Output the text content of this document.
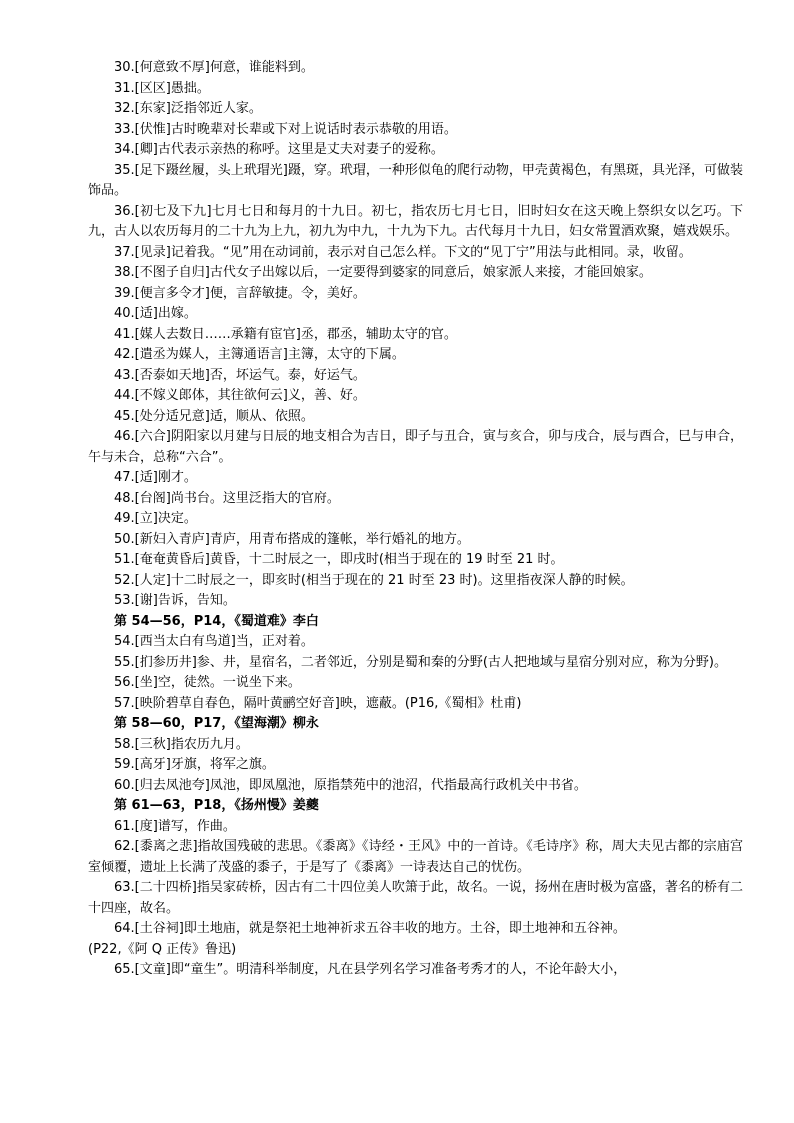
30.[何意致不厚]何意，谁能料到。

31.[区区]愚拙。

32.[东家]泛指邻近人家。

33.[伏惟]古时晚辈对长辈或下对上说话时表示恭敬的用语。

34.[卿]古代表示亲热的称呼。这里是丈夫对妻子的爱称。

35.[足下蹑丝履，头上玳瑁光]蹑，穿。玳瑁，一种形似龟的爬行动物，甲壳黄褐色，有黑斑，具光泽，可做装饰品。

36.[初七及下九]七月七日和每月的十九日。初七，指农历七月七日，旧时妇女在这天晚上祭织女以乞巧。下九，古人以农历每月的二十九为上九，初九为中九，十九为下九。古代每月十九日，妇女常置酒欢聚，嬉戏娱乐。

37.[见录]记着我。“见”用在动词前，表示对自己怎么样。下文的“见丁宁”用法与此相同。录，收留。

38.[不图子自归]古代女子出嫁以后，一定要得到婆家的同意后，娘家派人来接，才能回娘家。

39.[便言多令才]便，言辞敏捷。令，美好。

40.[适]出嫁。

41.[媒人去数日……承籍有宦官]丞，郡丞，辅助太守的官。

42.[遣丞为媒人，主簿通语言]主簿，太守的下属。

43.[否泰如天地]否，坏运气。泰，好运气。

44.[不嫁义郎体，其往欲何云]义，善、好。

45.[处分适兄意]适，顺从、依照。

46.[六合]阴阳家以月建与日辰的地支相合为吉日，即子与丑合，寅与亥合，卯与戌合，辰与酉合，巳与申合，午与未合，总称“六合”。

47.[适]刚才。

48.[台阁]尚书台。这里泛指大的官府。

49.[立]决定。

50.[新妇入青庐]青庐，用青布搭成的篷帐，举行婚礼的地方。

51.[奄奄黄昏后]黄昏，十二时辰之一，即戌时(相当于现在的 19 时至 21 时。

52.[人定]十二时辰之一，即亥时(相当于现在的 21 时至 23 时)。这里指夜深人静的时候。

53.[谢]告诉，告知。

第 54—56，P14，《蜀道难》李白

54.[西当太白有鸟道]当，正对着。

55.[扪参历井]参、井，星宿名，二者邻近，分别是蜀和秦的分野(古人把地域与星宿分别对应，称为分野)。

56.[坐]空，徒然。一说坐下来。

57.[映阶碧草自春色，隔叶黄鹂空好音]映，遮蔽。(P16,《蜀相》杜甫)

第 58—60，P17，《望海潮》柳永

58.[三秋]指农历九月。

59.[高牙]牙旗，将军之旗。

60.[归去凤池夸]凤池，即凤凰池，原指禁苑中的池沼，代指最高行政机关中书省。

第 61—63，P18，《扬州慢》姜夔

61.[度]谱写，作曲。

62.[黍离之悲]指故国残破的悲思。《黍离》《诗经・王风》中的一首诗。《毛诗序》称，周大夫见古都的宗庙宫室倾覆，遗址上长满了茂盛的黍子，于是写了《黍离》一诗表达自己的忧伤。

63.[二十四桥]指吴家砖桥，因古有二十四位美人吹箫于此，故名。一说，扬州在唐时极为富盛，著名的桥有二十四座，故名。

64.[土谷祠]即土地庙，就是祭祀土地神祈求五谷丰收的地方。土谷，即土地神和五谷神。

(P22,《阿 Q 正传》鲁迅)

65.[文童]即“童生”。明清科举制度，凡在县学列名学习准备考秀才的人，不论年龄大小，
